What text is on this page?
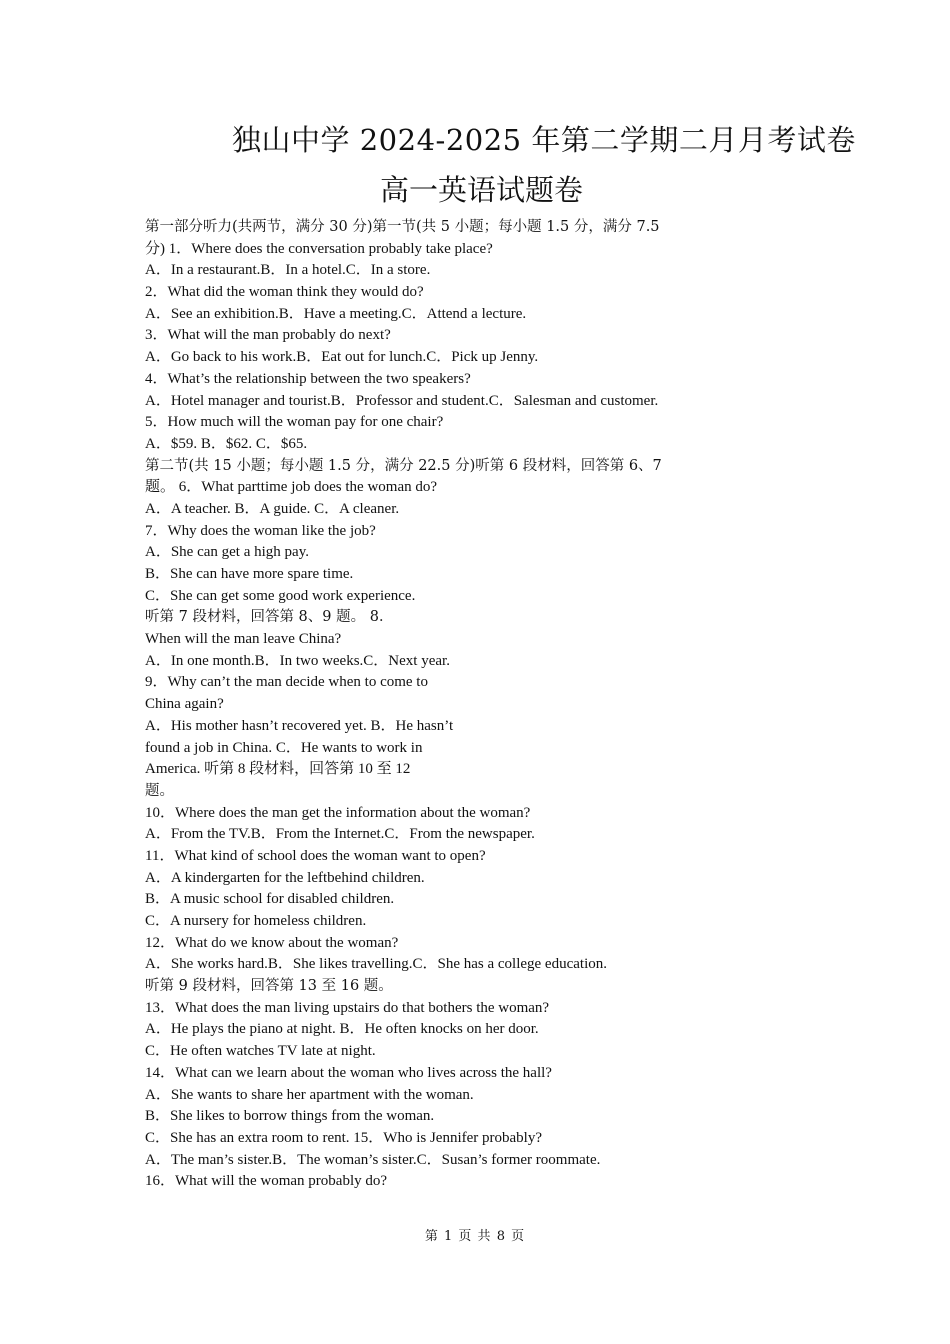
独山中学 2024-2025 年第二学期二月月考试卷
高一英语试题卷
第一部分听力(共两节，满分 30 分)第一节(共 5 小题；每小题 1.5 分，满分 7.5
分) 1．Where does the conversation probably take place?
A．In a restaurant.B．In a hotel.C．In a store.
2．What did the woman think they would do?
A．See an exhibition.B．Have a meeting.C．Attend a lecture.
3．What will the man probably do next?
A．Go back to his work.B．Eat out for lunch.C．Pick up Jenny.
4．What’s the relationship between the two speakers?
A．Hotel manager and tourist.B．Professor and student.C．Salesman and customer.
5．How much will the woman pay for one chair?
A．$59. B．$62. C．$65.
第二节(共 15 小题；每小题 1.5 分，满分 22.5 分)听第 6 段材料，回答第 6、7
题。 6．What parttime job does the woman do?
A．A teacher. B．A guide. C．A cleaner.
7．Why does the woman like the job?
A．She can get a high pay.
B．She can have more spare time.
C．She can get some good work experience.
听第 7 段材料，回答第 8、9 题。 8．
When will the man leave China?
A．In one month.B．In two weeks.C．Next year.
9．Why can’t the man decide when to come to
China again?
A．His mother hasn’t recovered yet. B．He hasn’t
found a job in China. C．He wants to work in
America. 听第 8 段材料，回答第 10 至 12
题。
10．Where does the man get the information about the woman?
A．From the TV.B．From the Internet.C．From the newspaper.
11．What kind of school does the woman want to open?
A．A kindergarten for the leftbehind children.
B．A music school for disabled children.
C．A nursery for homeless children.
12．What do we know about the woman?
A．She works hard.B．She likes travelling.C．She has a college education.
听第 9 段材料，回答第 13 至 16 题。
13．What does the man living upstairs do that bothers the woman?
A．He plays the piano at night. B．He often knocks on her door.
C．He often watches TV late at night.
14．What can we learn about the woman who lives across the hall?
A．She wants to share her apartment with the woman.
B．She likes to borrow things from the woman.
C．She has an extra room to rent. 15．Who is Jennifer probably?
A．The man’s sister.B．The woman’s sister.C．Susan’s former roommate.
16．What will the woman probably do?
第 1 页 共 8 页
